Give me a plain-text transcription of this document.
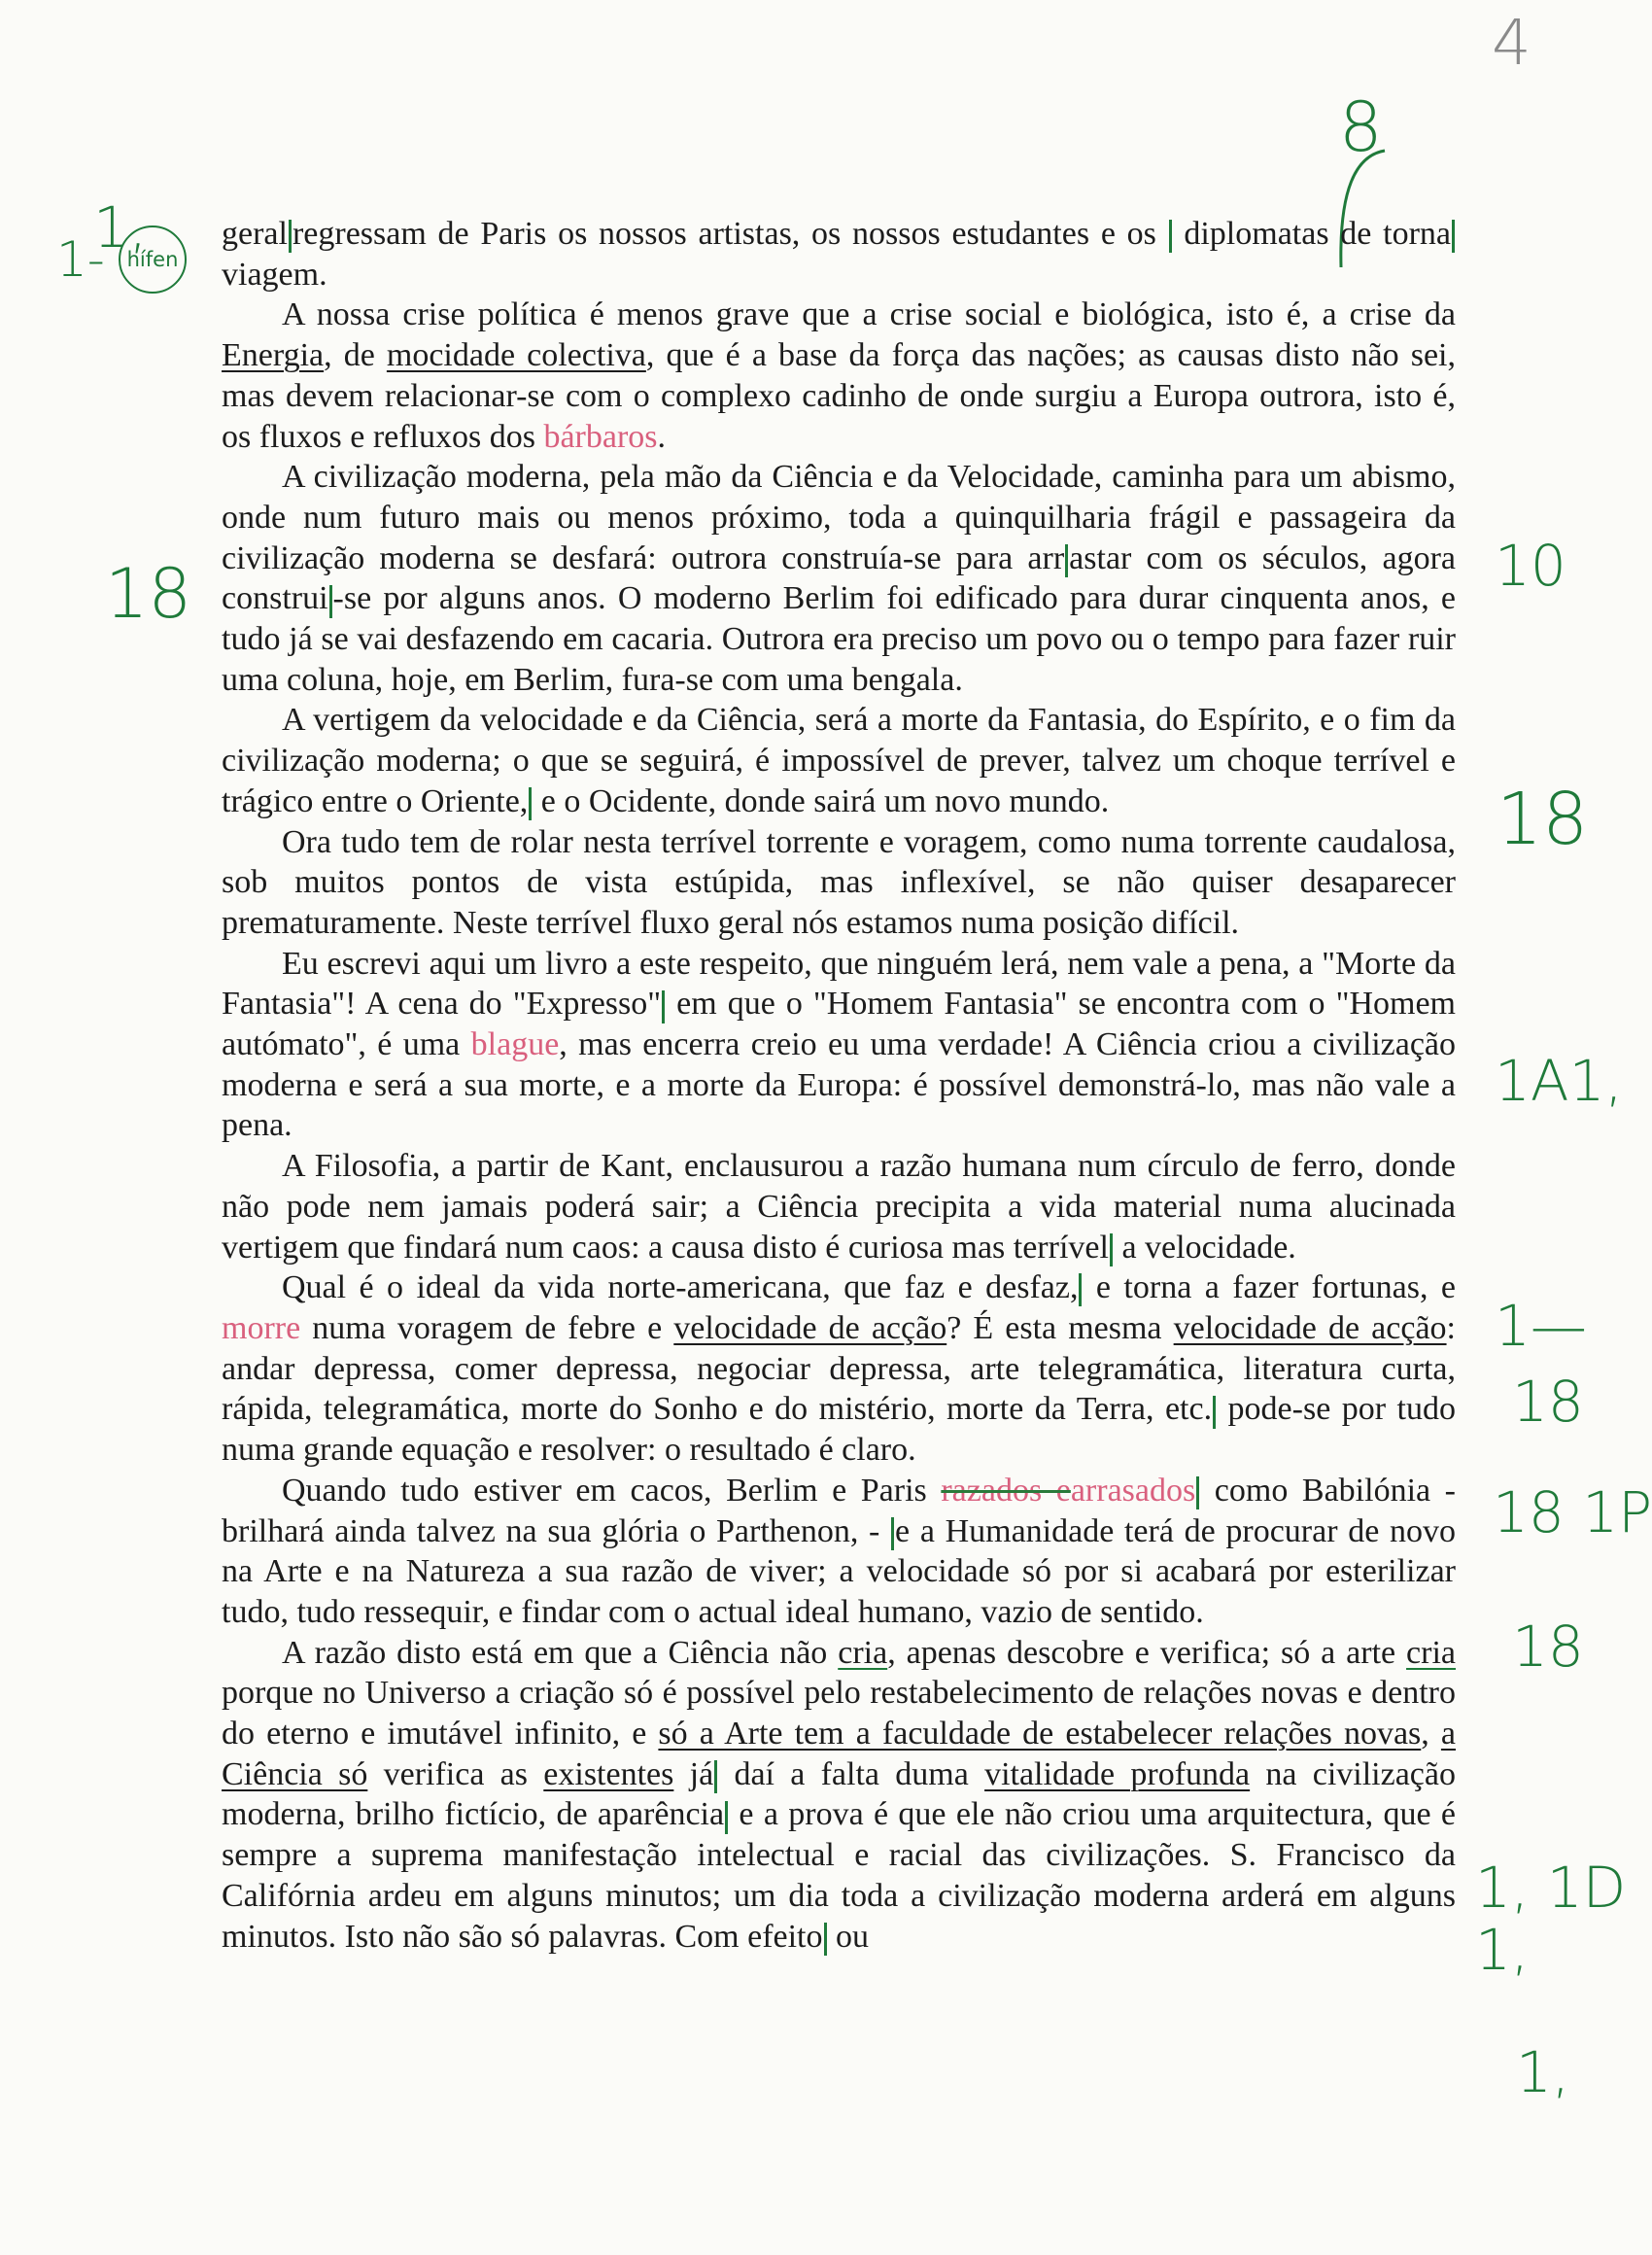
4
1,
1-	hífen
18	10
18
1A1,
1—
18
18 1P
18
1, 1D
1,
1,
8

geral regressam de Paris os nossos artistas, os nossos estudantes e os  diplomatas de tornaviagem.

A nossa crise política é menos grave que a crise social e biológica, isto é, a crise da Energia, de mocidade colectiva, que é a base da força das nações; as causas disto não sei, mas devem relacionar-se com o complexo cadinho de onde surgiu a Europa outrora, isto é, os fluxos e refluxos dos bárbaros.

A civilização moderna, pela mão da Ciência e da Velocidade, caminha para um abismo, onde num futuro mais ou menos próximo, toda a quinquilharia frágil e passageira da civilização moderna se desfará: outrora construía-se para arr astar com os séculos, agora construi -se por alguns anos. O moderno Berlim foi edificado para durar cinquenta anos, e tudo já se vai desfazendo em cacaria. Outrora era preciso um povo ou o tempo para fazer ruir uma coluna, hoje, em Berlim, fura-se com uma bengala.

A vertigem da velocidade e da Ciência, será a morte da Fantasia, do Espírito, e o fim da civilização moderna; o que se seguirá, é impossível de prever, talvez um choque terrível e trágico entre o Oriente, e o Ocidente, donde sairá um novo mundo.

Ora tudo tem de rolar nesta terrível torrente e voragem, como numa torrente caudalosa, sob muitos pontos de vista estúpida, mas inflexível, se não quiser desaparecer prematuramente. Neste terrível fluxo geral nós estamos numa posição difícil.

Eu escrevi aqui um livro a este respeito, que ninguém lerá, nem vale a pena, a "Morte da Fantasia"! A cena do "Expresso" em que o "Homem Fantasia" se encontra com o "Homem autómato", é uma blague, mas encerra creio eu uma verdade! A Ciência criou a civilização moderna e será a sua morte, e a morte da Europa: é possível demonstrá-lo, mas não vale a pena.

A Filosofia, a partir de Kant, enclausurou a razão humana num círculo de ferro, donde não pode nem jamais poderá sair; a Ciência precipita a vida material numa alucinada vertigem que findará num caos: a causa disto é curiosa mas terrível a velocidade.

Qual é o ideal da vida norte-americana, que faz e desfaz, e torna a fazer fortunas, e morre numa voragem de febre e velocidade de acção? É esta mesma velocidade de acção: andar depressa, comer depressa, negociar depressa, arte telegramática, literatura curta, rápida, telegramática, morte do Sonho e do mistério, morte da Terra, etc. pode-se por tudo numa grande equação e resolver: o resultado é claro.

Quando tudo estiver em cacos, Berlim e Paris razados earrasados como Babilónia - brilhará ainda talvez na sua glória o Parthenon, - e a Humanidade terá de procurar de novo na Arte e na Natureza a sua razão de viver; a velocidade só por si acabará por esterilizar tudo, tudo ressequir, e findar com o actual ideal humano, vazio de sentido.

A razão disto está em que a Ciência não cria, apenas descobre e verifica; só a arte cria porque no Universo a criação só é possível pelo restabelecimento de relações novas e dentro do eterno e imutável infinito, e só a Arte tem a faculdade de estabelecer relações novas, a Ciência só verifica as existentes já daí a falta duma vitalidade profunda na civilização moderna, brilho fictício, de aparência e a prova é que ele não criou uma arquitectura, que é sempre a suprema manifestação intelectual e racial das civilizações. S. Francisco da Califórnia ardeu em alguns minutos; um dia toda a civilização moderna arderá em alguns minutos. Isto não são só palavras. Com efeito ou
